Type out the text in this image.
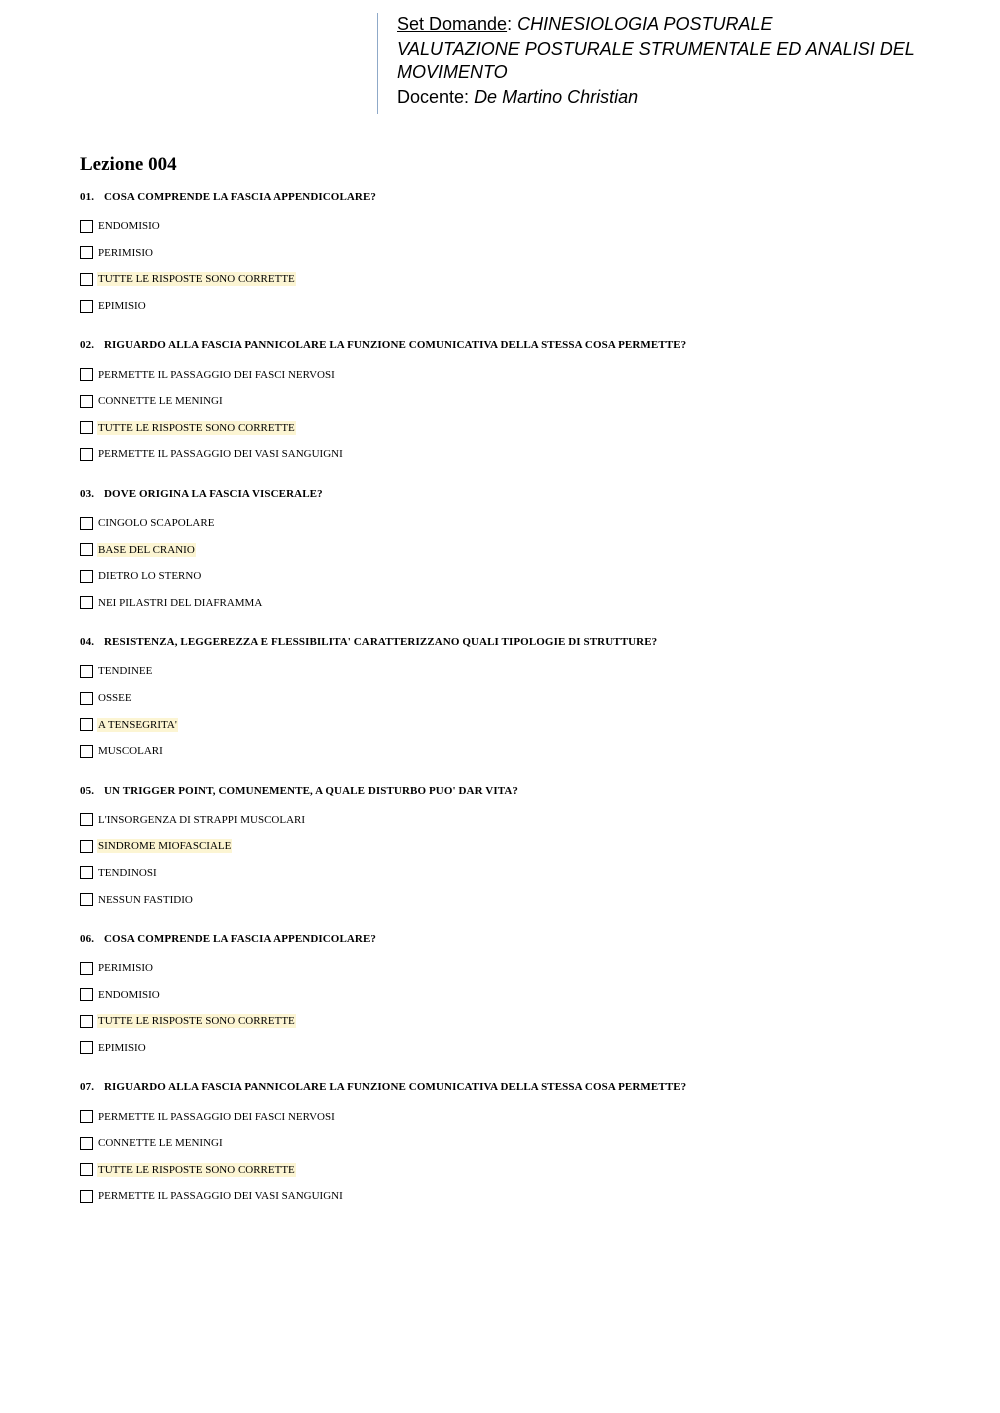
Set Domande: CHINESIOLOGIA POSTURALE
VALUTAZIONE POSTURALE STRUMENTALE ED ANALISI DEL MOVIMENTO
Docente: De Martino Christian
Lezione 004
01. COSA COMPRENDE LA FASCIA APPENDICOLARE?
ENDOMISIO
PERIMISIO
TUTTE LE RISPOSTE SONO CORRETTE
EPIMISIO
02. RIGUARDO ALLA FASCIA PANNICOLARE LA FUNZIONE COMUNICATIVA DELLA STESSA COSA PERMETTE?
PERMETTE IL PASSAGGIO DEI FASCI NERVOSI
CONNETTE LE MENINGI
TUTTE LE RISPOSTE SONO CORRETTE
PERMETTE IL PASSAGGIO DEI VASI SANGUIGNI
03. DOVE ORIGINA LA FASCIA VISCERALE?
CINGOLO SCAPOLARE
BASE DEL CRANIO
DIETRO LO STERNO
NEI PILASTRI DEL DIAFRAMMA
04. RESISTENZA, LEGGEREZZA E FLESSIBILITA' CARATTERIZZANO QUALI TIPOLOGIE DI STRUTTURE?
TENDINEE
OSSEE
A TENSEGRITA'
MUSCOLARI
05. UN TRIGGER POINT, COMUNEMENTE, A QUALE DISTURBO PUO' DAR VITA?
L'INSORGENZA DI STRAPPI MUSCOLARI
SINDROME MIOFASCIALE
TENDINOSI
NESSUN FASTIDIO
06. COSA COMPRENDE LA FASCIA APPENDICOLARE?
PERIMISIO
ENDOMISIO
TUTTE LE RISPOSTE SONO CORRETTE
EPIMISIO
07. RIGUARDO ALLA FASCIA PANNICOLARE LA FUNZIONE COMUNICATIVA DELLA STESSA COSA PERMETTE?
PERMETTE IL PASSAGGIO DEI FASCI NERVOSI
CONNETTE LE MENINGI
TUTTE LE RISPOSTE SONO CORRETTE
PERMETTE IL PASSAGGIO DEI VASI SANGUIGNI
